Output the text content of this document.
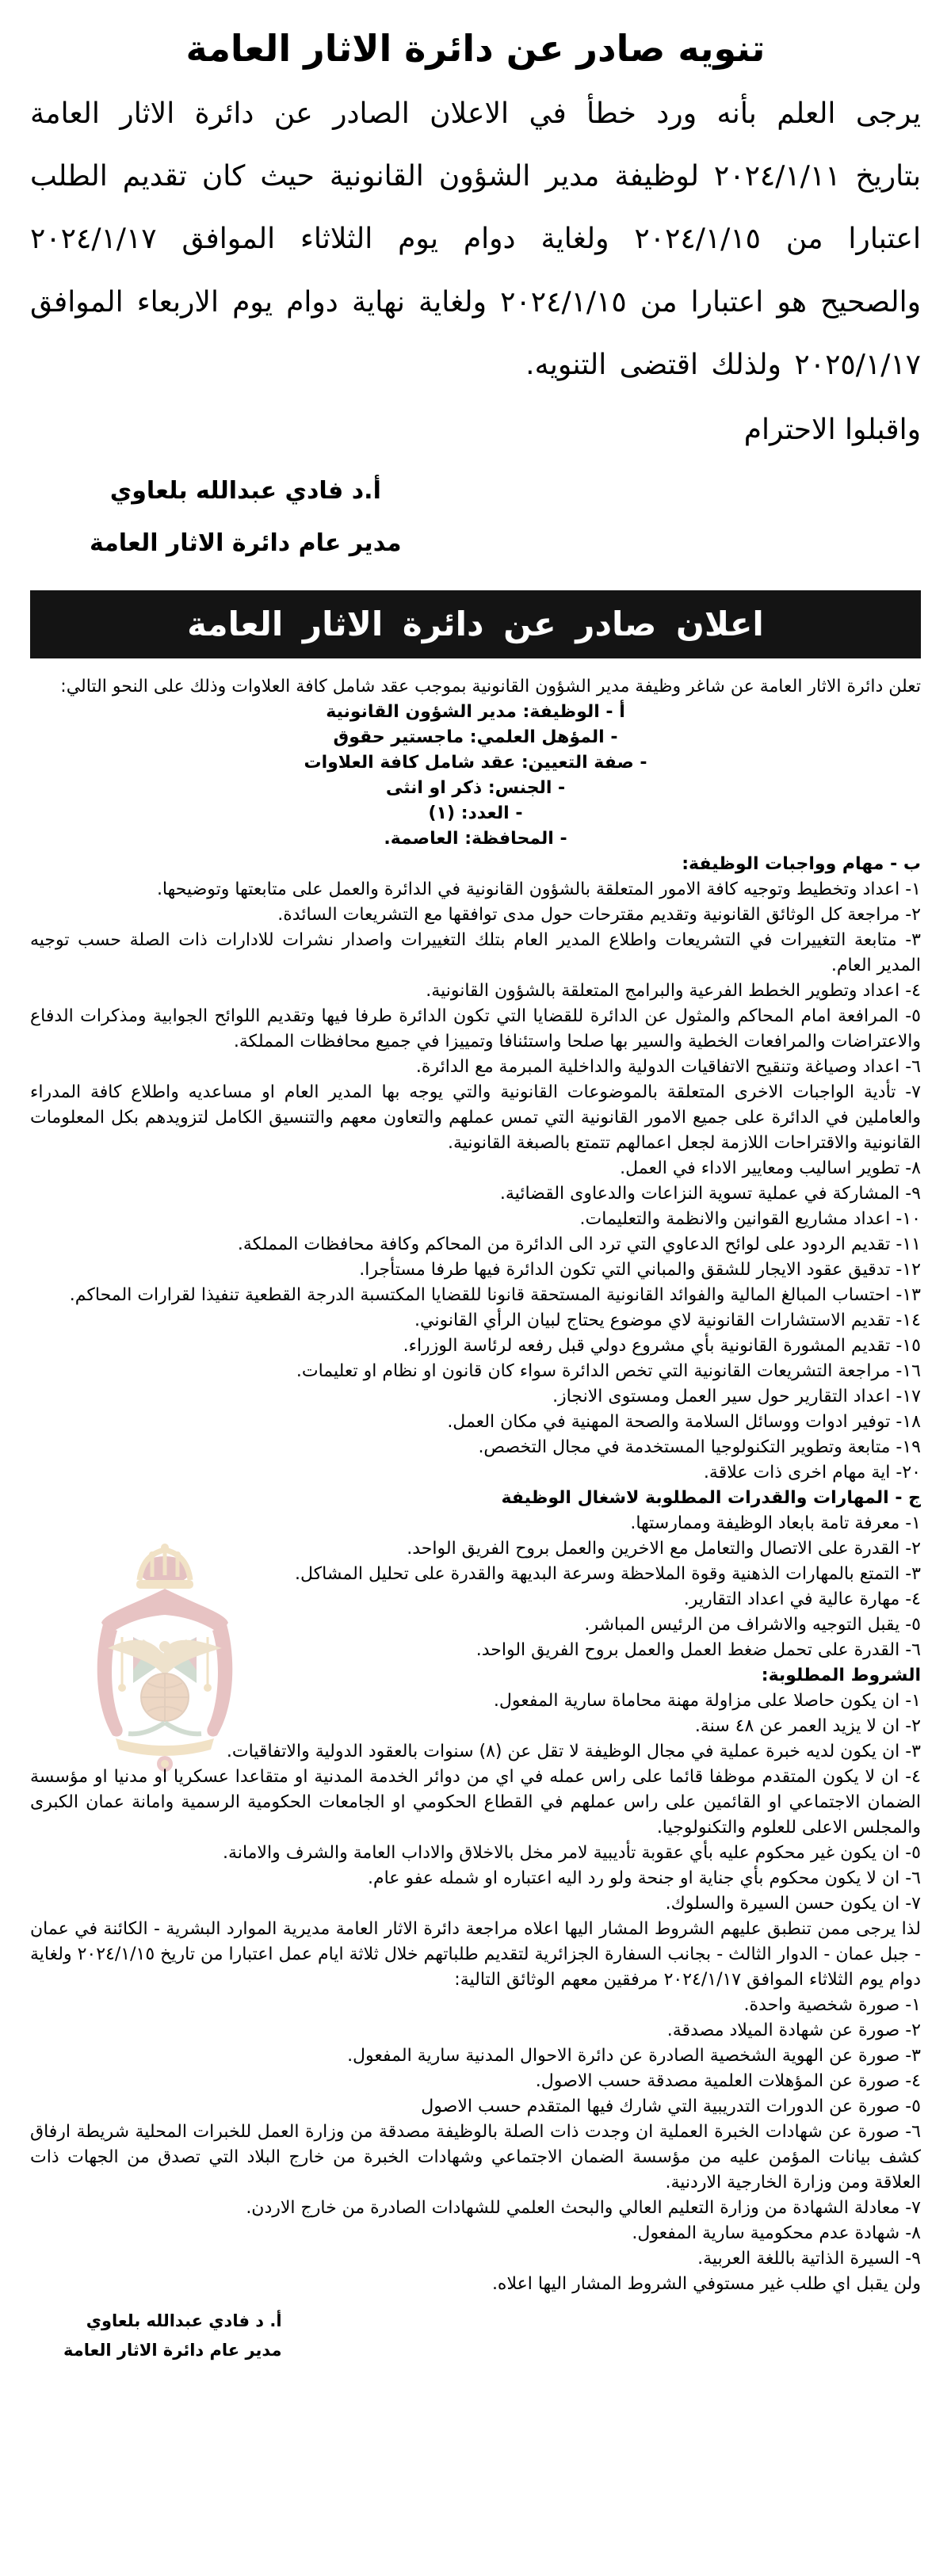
تنويه صادر عن دائرة الاثار العامة
يرجى العلم بأنه ورد خطأ في الاعلان الصادر عن دائرة الاثار العامة بتاريخ ٢٠٢٤/١/١١ لوظيفة مدير الشؤون القانونية حيث كان تقديم الطلب اعتبارا من ٢٠٢٤/١/١٥ ولغاية دوام يوم الثلاثاء الموافق ٢٠٢٤/١/١٧ والصحيح هو اعتبارا من ٢٠٢٤/١/١٥ ولغاية نهاية دوام يوم الاربعاء الموافق ٢٠٢٥/١/١٧ ولذلك اقتضى التنويه.
واقبلوا الاحترام
أ.د فادي عبدالله بلعاوي
مدير عام دائرة الاثار العامة
اعلان صادر عن دائرة الاثار العامة
تعلن دائرة الاثار العامة عن شاغر وظيفة مدير الشؤون القانونية بموجب عقد شامل كافة العلاوات وذلك على النحو التالي:
أ - الوظيفة: مدير الشؤون القانونية
- المؤهل العلمي: ماجستير حقوق
- صفة التعيين: عقد شامل كافة العلاوات
- الجنس: ذكر او انثى
- العدد: (١)
- المحافظة: العاصمة.
ب - مهام وواجبات الوظيفة:
١- اعداد وتخطيط وتوجيه كافة الامور المتعلقة بالشؤون القانونية في الدائرة والعمل على متابعتها وتوضيحها.
٢- مراجعة كل الوثائق القانونية وتقديم مقترحات حول مدى توافقها مع التشريعات السائدة.
٣- متابعة التغييرات في التشريعات واطلاع المدير العام بتلك التغييرات واصدار نشرات للادارات ذات الصلة حسب توجيه المدير العام.
٤- اعداد وتطوير الخطط الفرعية والبرامج المتعلقة بالشؤون القانونية.
٥- المرافعة امام المحاكم والمثول عن الدائرة للقضايا التي تكون الدائرة طرفا فيها وتقديم اللوائح الجوابية ومذكرات الدفاع والاعتراضات والمرافعات الخطية والسير بها صلحا واستئنافا وتمييزا في جميع محافظات المملكة.
٦- اعداد وصياغة وتنقيح الاتفاقيات الدولية والداخلية المبرمة مع الدائرة.
٧- تأدية الواجبات الاخرى المتعلقة بالموضوعات القانونية والتي يوجه بها المدير العام او مساعديه واطلاع كافة المدراء والعاملين في الدائرة على جميع الامور القانونية التي تمس عملهم والتعاون معهم والتنسيق الكامل لتزويدهم بكل المعلومات القانونية والاقتراحات اللازمة لجعل اعمالهم تتمتع بالصبغة القانونية.
٨- تطوير اساليب ومعايير الاداء في العمل.
٩- المشاركة في عملية تسوية النزاعات والدعاوى القضائية.
١٠- اعداد مشاريع القوانين والانظمة والتعليمات.
١١- تقديم الردود على لوائح الدعاوي التي ترد الى الدائرة من المحاكم وكافة محافظات المملكة.
١٢- تدقيق عقود الايجار للشقق والمباني التي تكون الدائرة فيها طرفا مستأجرا.
١٣- احتساب المبالغ المالية والفوائد القانونية المستحقة قانونا للقضايا المكتسبة الدرجة القطعية تنفيذا لقرارات المحاكم.
١٤- تقديم الاستشارات القانونية لاي موضوع يحتاج لبيان الرأي القانوني.
١٥- تقديم المشورة القانونية بأي مشروع دولي قبل رفعه لرئاسة الوزراء.
١٦- مراجعة التشريعات القانونية التي تخص الدائرة سواء كان قانون او نظام او تعليمات.
١٧- اعداد التقارير حول سير العمل ومستوى الانجاز.
١٨- توفير ادوات ووسائل السلامة والصحة المهنية في مكان العمل.
١٩- متابعة وتطوير التكنولوجيا المستخدمة في مجال التخصص.
٢٠- اية مهام اخرى ذات علاقة.
ج - المهارات والقدرات المطلوبة لاشغال الوظيفة
١- معرفة تامة بابعاد الوظيفة وممارستها.
٢- القدرة على الاتصال والتعامل مع الاخرين والعمل بروح الفريق الواحد.
٣- التمتع بالمهارات الذهنية وقوة الملاحظة وسرعة البديهة والقدرة على تحليل المشاكل.
٤- مهارة عالية في اعداد التقارير.
٥- يقبل التوجيه والاشراف من الرئيس المباشر.
٦- القدرة على تحمل ضغط العمل والعمل بروح الفريق الواحد.
الشروط المطلوبة:
١- ان يكون حاصلا على مزاولة مهنة محاماة سارية المفعول.
٢- ان لا يزيد العمر عن ٤٨ سنة.
٣- ان يكون لديه خبرة عملية في مجال الوظيفة لا تقل عن (٨) سنوات بالعقود الدولية والاتفاقيات.
٤- ان لا يكون المتقدم موظفا قائما على راس عمله في اي من دوائر الخدمة المدنية او متقاعدا عسكريا او مدنيا او مؤسسة الضمان الاجتماعي او القائمين على راس عملهم في القطاع الحكومي او الجامعات الحكومية الرسمية وامانة عمان الكبرى والمجلس الاعلى للعلوم والتكنولوجيا.
٥- ان يكون غير محكوم عليه بأي عقوبة تأديبية لامر مخل بالاخلاق والاداب العامة والشرف والامانة.
٦- ان لا يكون محكوم بأي جناية او جنحة ولو رد اليه اعتباره او شمله عفو عام.
٧- ان يكون حسن السيرة والسلوك.
لذا يرجى ممن تنطبق عليهم الشروط المشار اليها اعلاه مراجعة دائرة الاثار العامة مديرية الموارد البشرية - الكائنة في عمان - جبل عمان - الدوار الثالث - بجانب السفارة الجزائرية لتقديم طلباتهم خلال ثلاثة ايام عمل اعتبارا من تاريخ ٢٠٢٤/١/١٥ ولغاية دوام يوم الثلاثاء الموافق ٢٠٢٤/١/١٧ مرفقين معهم الوثائق التالية:
١- صورة شخصية واحدة.
٢- صورة عن شهادة الميلاد مصدقة.
٣- صورة عن الهوية الشخصية الصادرة عن دائرة الاحوال المدنية سارية المفعول.
٤- صورة عن المؤهلات العلمية مصدقة حسب الاصول.
٥- صورة عن الدورات التدريبية التي شارك فيها المتقدم حسب الاصول
٦- صورة عن شهادات الخبرة العملية ان وجدت ذات الصلة بالوظيفة مصدقة من وزارة العمل للخبرات المحلية شريطة ارفاق كشف بيانات المؤمن عليه من مؤسسة الضمان الاجتماعي وشهادات الخبرة من خارج البلاد التي تصدق من الجهات ذات العلاقة ومن وزارة الخارجية الاردنية.
٧- معادلة الشهادة من وزارة التعليم العالي والبحث العلمي للشهادات الصادرة من خارج الاردن.
٨- شهادة عدم محكومية سارية المفعول.
٩- السيرة الذاتية باللغة العربية.
ولن يقبل اي طلب غير مستوفي الشروط المشار اليها اعلاه.
أ. د فادي عبدالله بلعاوي
مدير عام دائرة الاثار العامة
